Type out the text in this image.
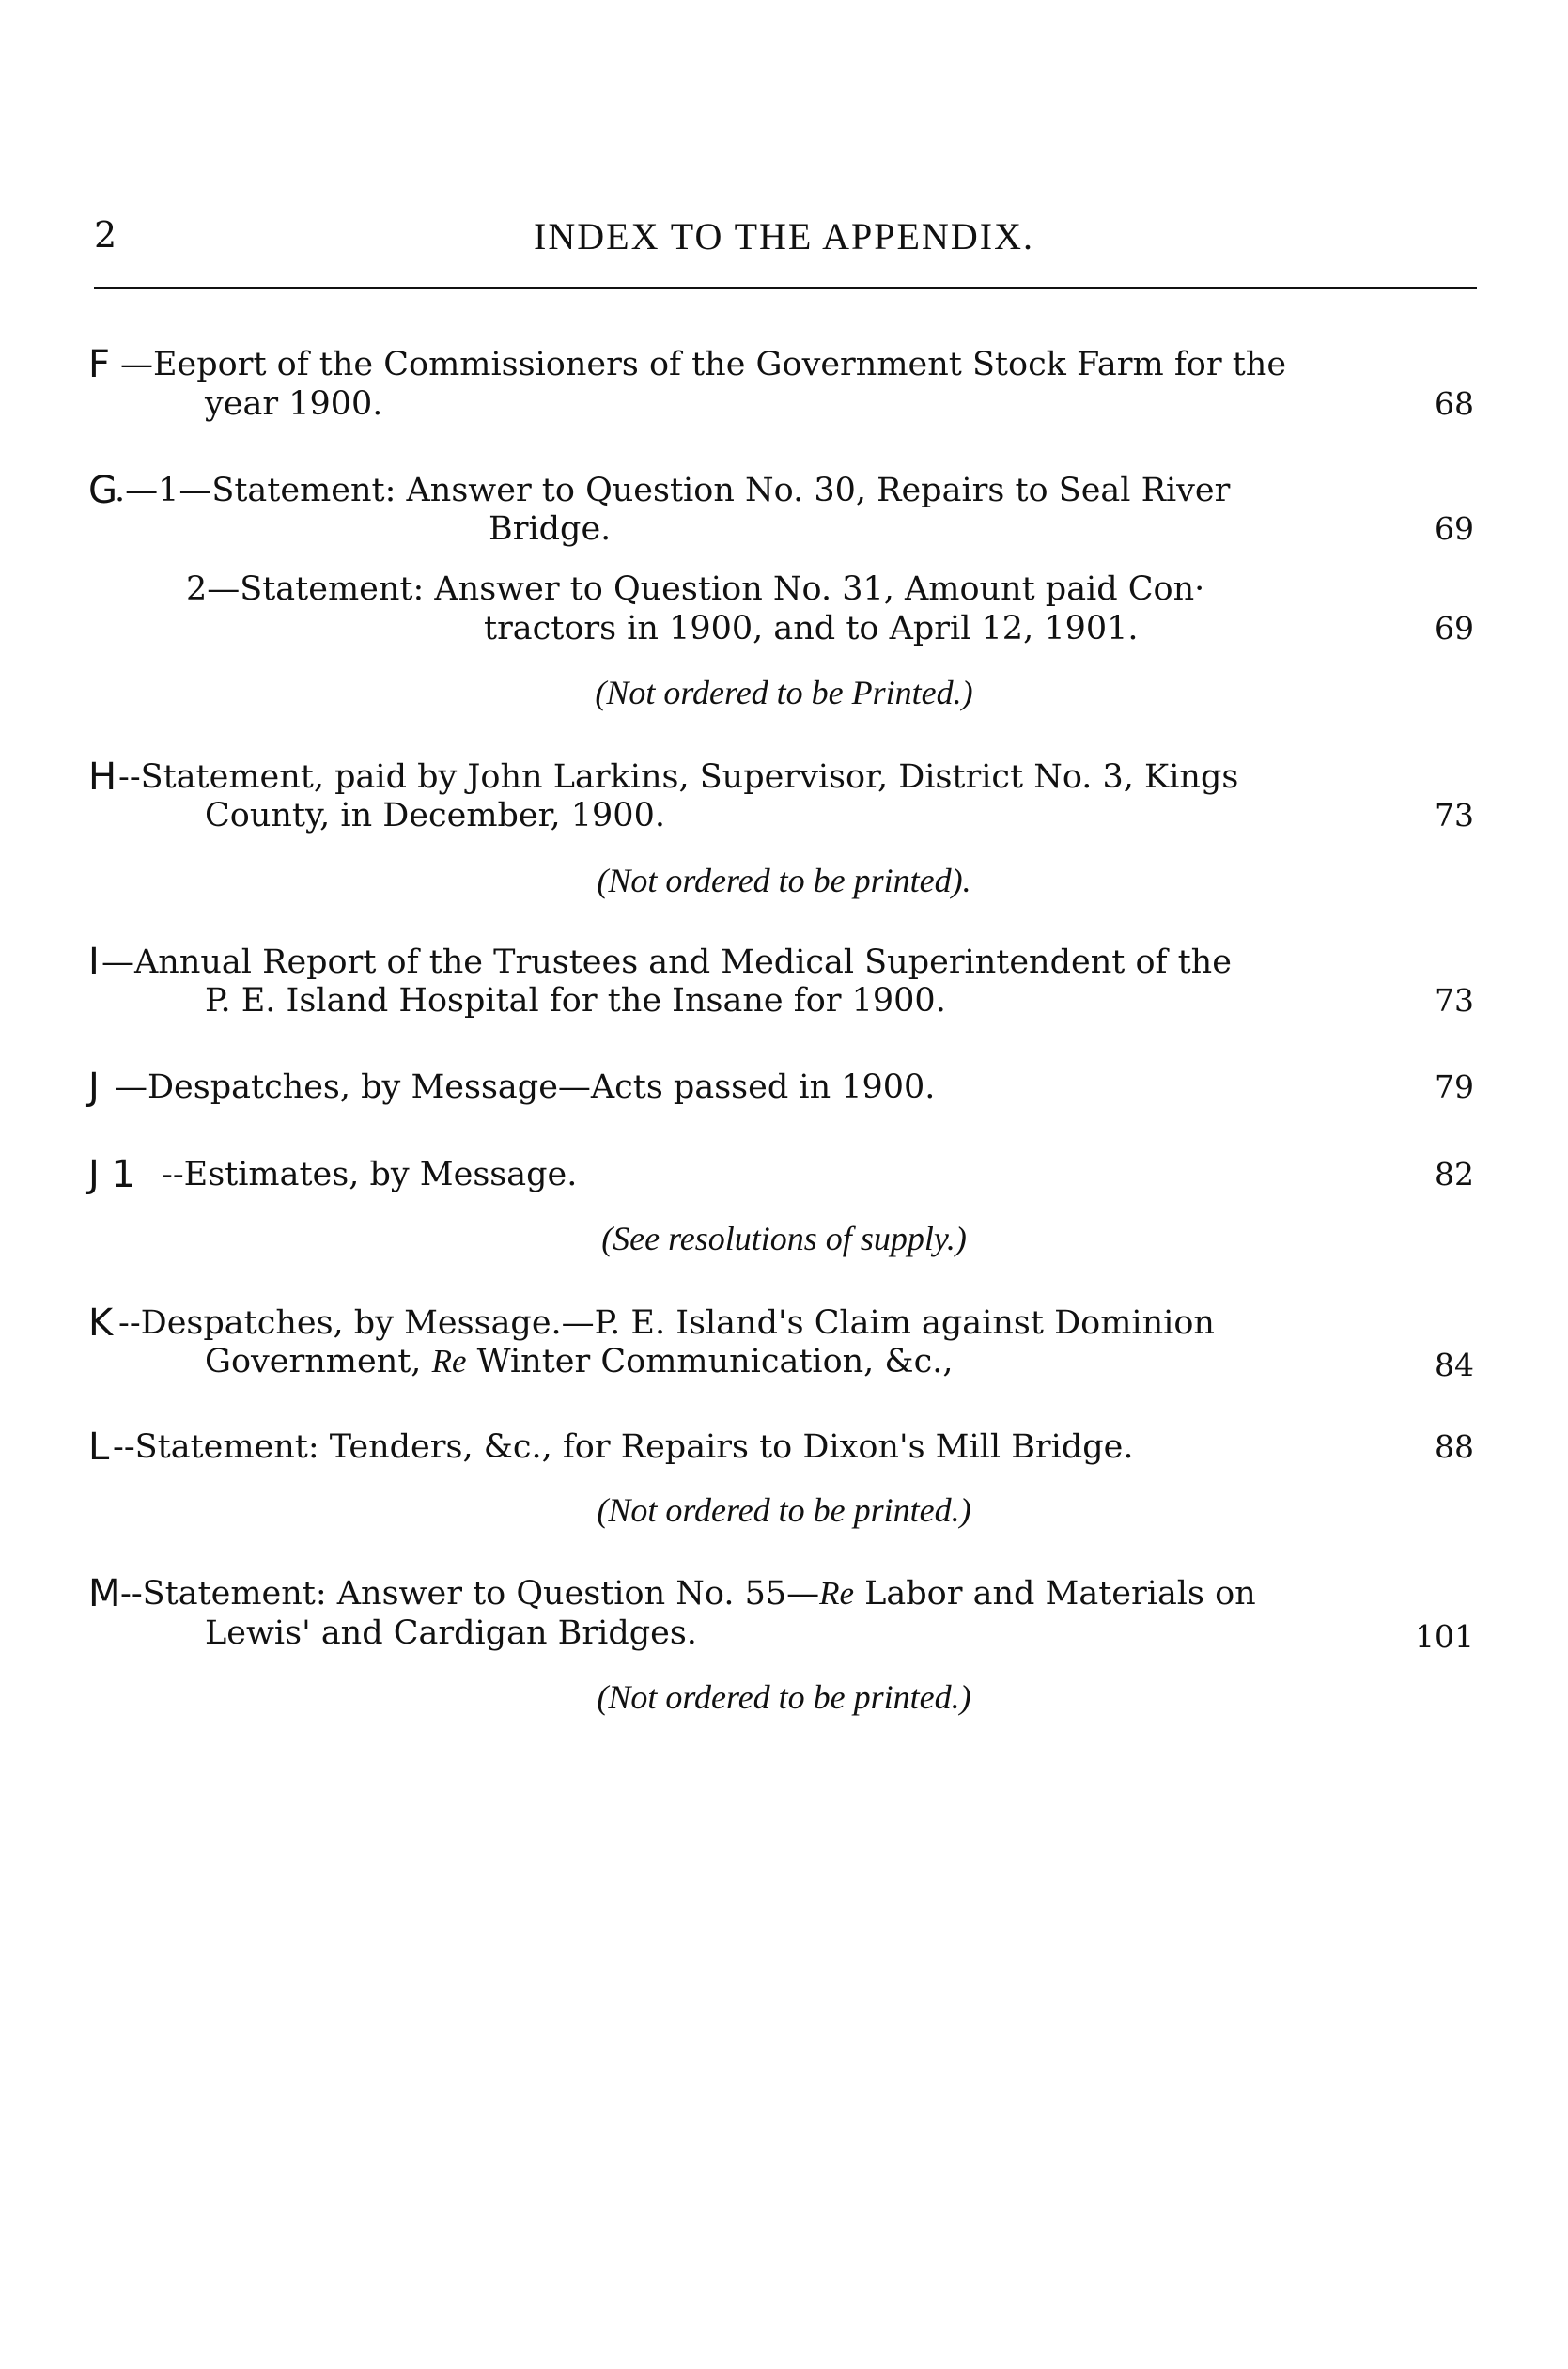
2	INDEX TO THE APPENDIX.
F —Eeport of the Commissioners of the Government Stock Farm for the
year 1900.	68
G
.—1—Statement: Answer to Question No. 30, Repairs to Seal River
Bridge.	69
2—Statement: Answer to Question No. 31, Amount paid Con·
tractors in 1900, and to April 12, 1901.	69
(Not ordered to be Printed.)
H --Statement, paid by John Larkins, Supervisor, District No. 3, Kings
County, in December, 1900.	73
(Not ordered to be printed).
I —Annual Report of the Trustees and Medical Superintendent of the
P. E. Island Hospital for the Insane for 1900.	73
J —Despatches, by Message—Acts passed in 1900.	79
J 1 --Estimates, by Message.	82
(See resolutions of supply.)
K --Despatches, by Message.—P. E. Island's Claim against Dominion
Government, Re Winter Communication, &c.,	84
L --Statement: Tenders, &c., for Repairs to Dixon's Mill Bridge.	88
(Not ordered to be printed.)
M --Statement: Answer to Question No. 55—Re Labor and Materials on
Lewis' and Cardigan Bridges.	101
(Not ordered to be printed.)
